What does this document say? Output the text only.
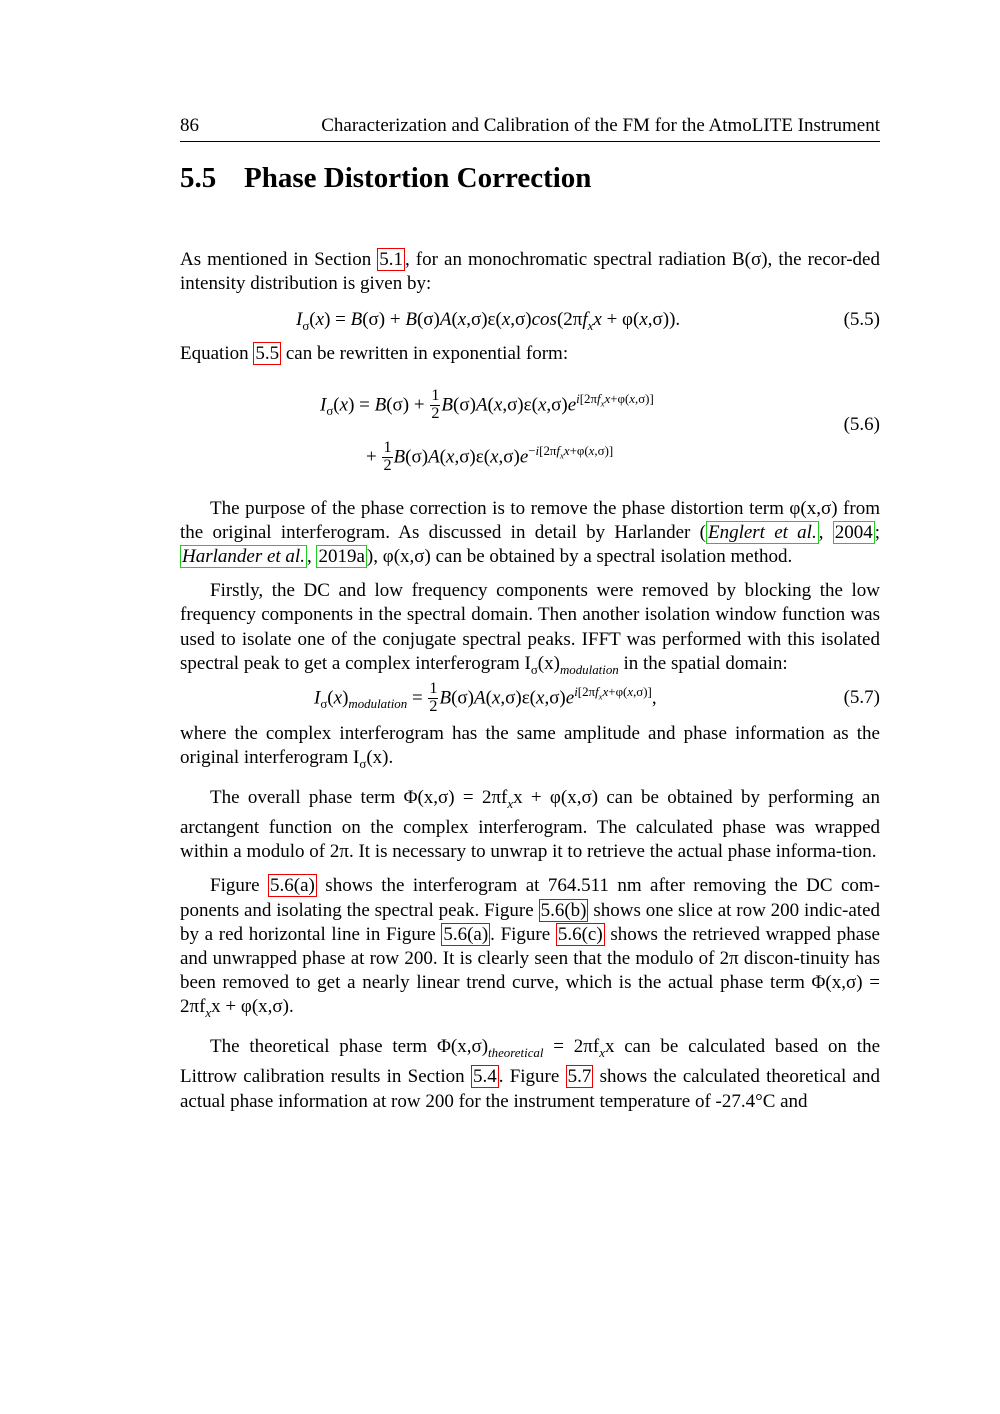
86	Characterization and Calibration of the FM for the AtmoLITE Instrument
5.5 Phase Distortion Correction

As mentioned in Section 5.1 , for an monochromatic spectral radiation B(σ), the recor-ded intensity distribution is given by:

$I_\sigma(x) = B(\sigma) + B(\sigma)A(x,\sigma)\varepsilon(x,\sigma)\cos(2\pi f_xx + \varphi(x,\sigma))$.	(5.5)

Equation 5.5 can be rewritten in exponential form:

$I_\sigma(x) = B(\sigma) + \frac{1}{2} B(\sigma)A(x,\sigma)\varepsilon(x,\sigma)e^{i[2\pi f_xx+\varphi(x,\sigma)]}$
+ $\frac{1}{2} B(\sigma)A(x,\sigma)\varepsilon(x,\sigma)e^{-i[2\pi f_xx+\varphi(x,\sigma)]}$
(5.6)

The purpose of the phase correction is to remove the phase distortion term φ(x,σ) from the original interferogram. As discussed in detail by Harlander ( Englert et al. , 2004 ; Harlander et al. , 2019a ), φ(x,σ) can be obtained by a spectral isolation method.

Firstly, the DC and low frequency components were removed by blocking the low frequency components in the spectral domain. Then another isolation window function was used to isolate one of the conjugate spectral peaks. IFFT was performed with this isolated spectral peak to get a complex interferogram $I_\sigma(x)_{modulation}$ in the spatial domain:

$I_\sigma(x)_{modulation} = \frac{1}{2} B(\sigma)A(x,\sigma)\varepsilon(x,\sigma)e^{i[2\pi f_xx+\varphi(x,\sigma)]}$,	(5.7)

where the complex interferogram has the same amplitude and phase information as the original interferogram $I_\sigma(x)$.

The overall phase term $\Phi(x,\sigma) = 2\pi f_xx + \varphi(x,\sigma)$ can be obtained by performing an arctangent function on the complex interferogram. The calculated phase was wrapped within a modulo of 2π. It is necessary to unwrap it to retrieve the actual phase informa-tion.

Figure 5.6(a) shows the interferogram at 764.511 nm after removing the DC com-ponents and isolating the spectral peak. Figure 5.6(b) shows one slice at row 200 indic-ated by a red horizontal line in Figure 5.6(a) . Figure 5.6(c) shows the retrieved wrapped phase and unwrapped phase at row 200. It is clearly seen that the modulo of 2π discon-tinuity has been removed to get a nearly linear trend curve, which is the actual phase term $\Phi(x,\sigma) = 2\pi f_xx + \varphi(x,\sigma)$.

The theoretical phase term $\Phi(x,\sigma)_{theoretical} = 2\pi f_xx$ can be calculated based on the Littrow calibration results in Section 5.4 . Figure 5.7 shows the calculated theoretical and actual phase information at row 200 for the instrument temperature of -27.4°C and
